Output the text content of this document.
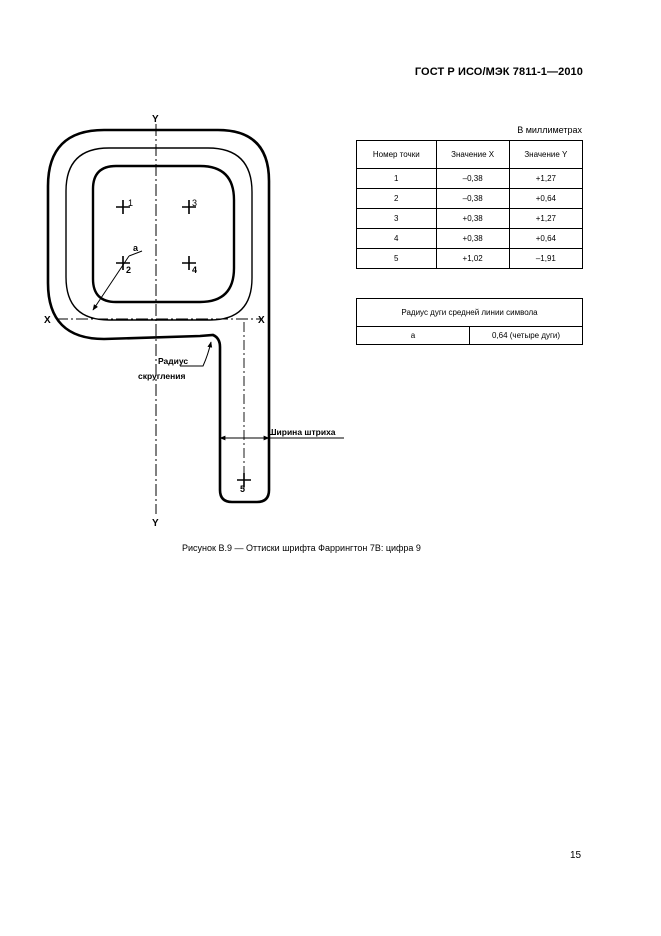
ГОСТ Р ИСО/МЭК 7811-1—2010
В миллиметрах
Номер точки	Значение X	Значение Y
1	–0,38	+1,27
2	–0,38	+0,64
3	+0,38	+1,27
4	+0,38	+0,64
5	+1,02	–1,91
Радиус дуги средней линии символа
a	0,64 (четыре дуги)
Y
Y
X	X
1
2
3
4
5
a
Радиус
скругления
Ширина штриха
Рисунок В.9 — Оттиски шрифта Фаррингтон 7В: цифра 9
15
